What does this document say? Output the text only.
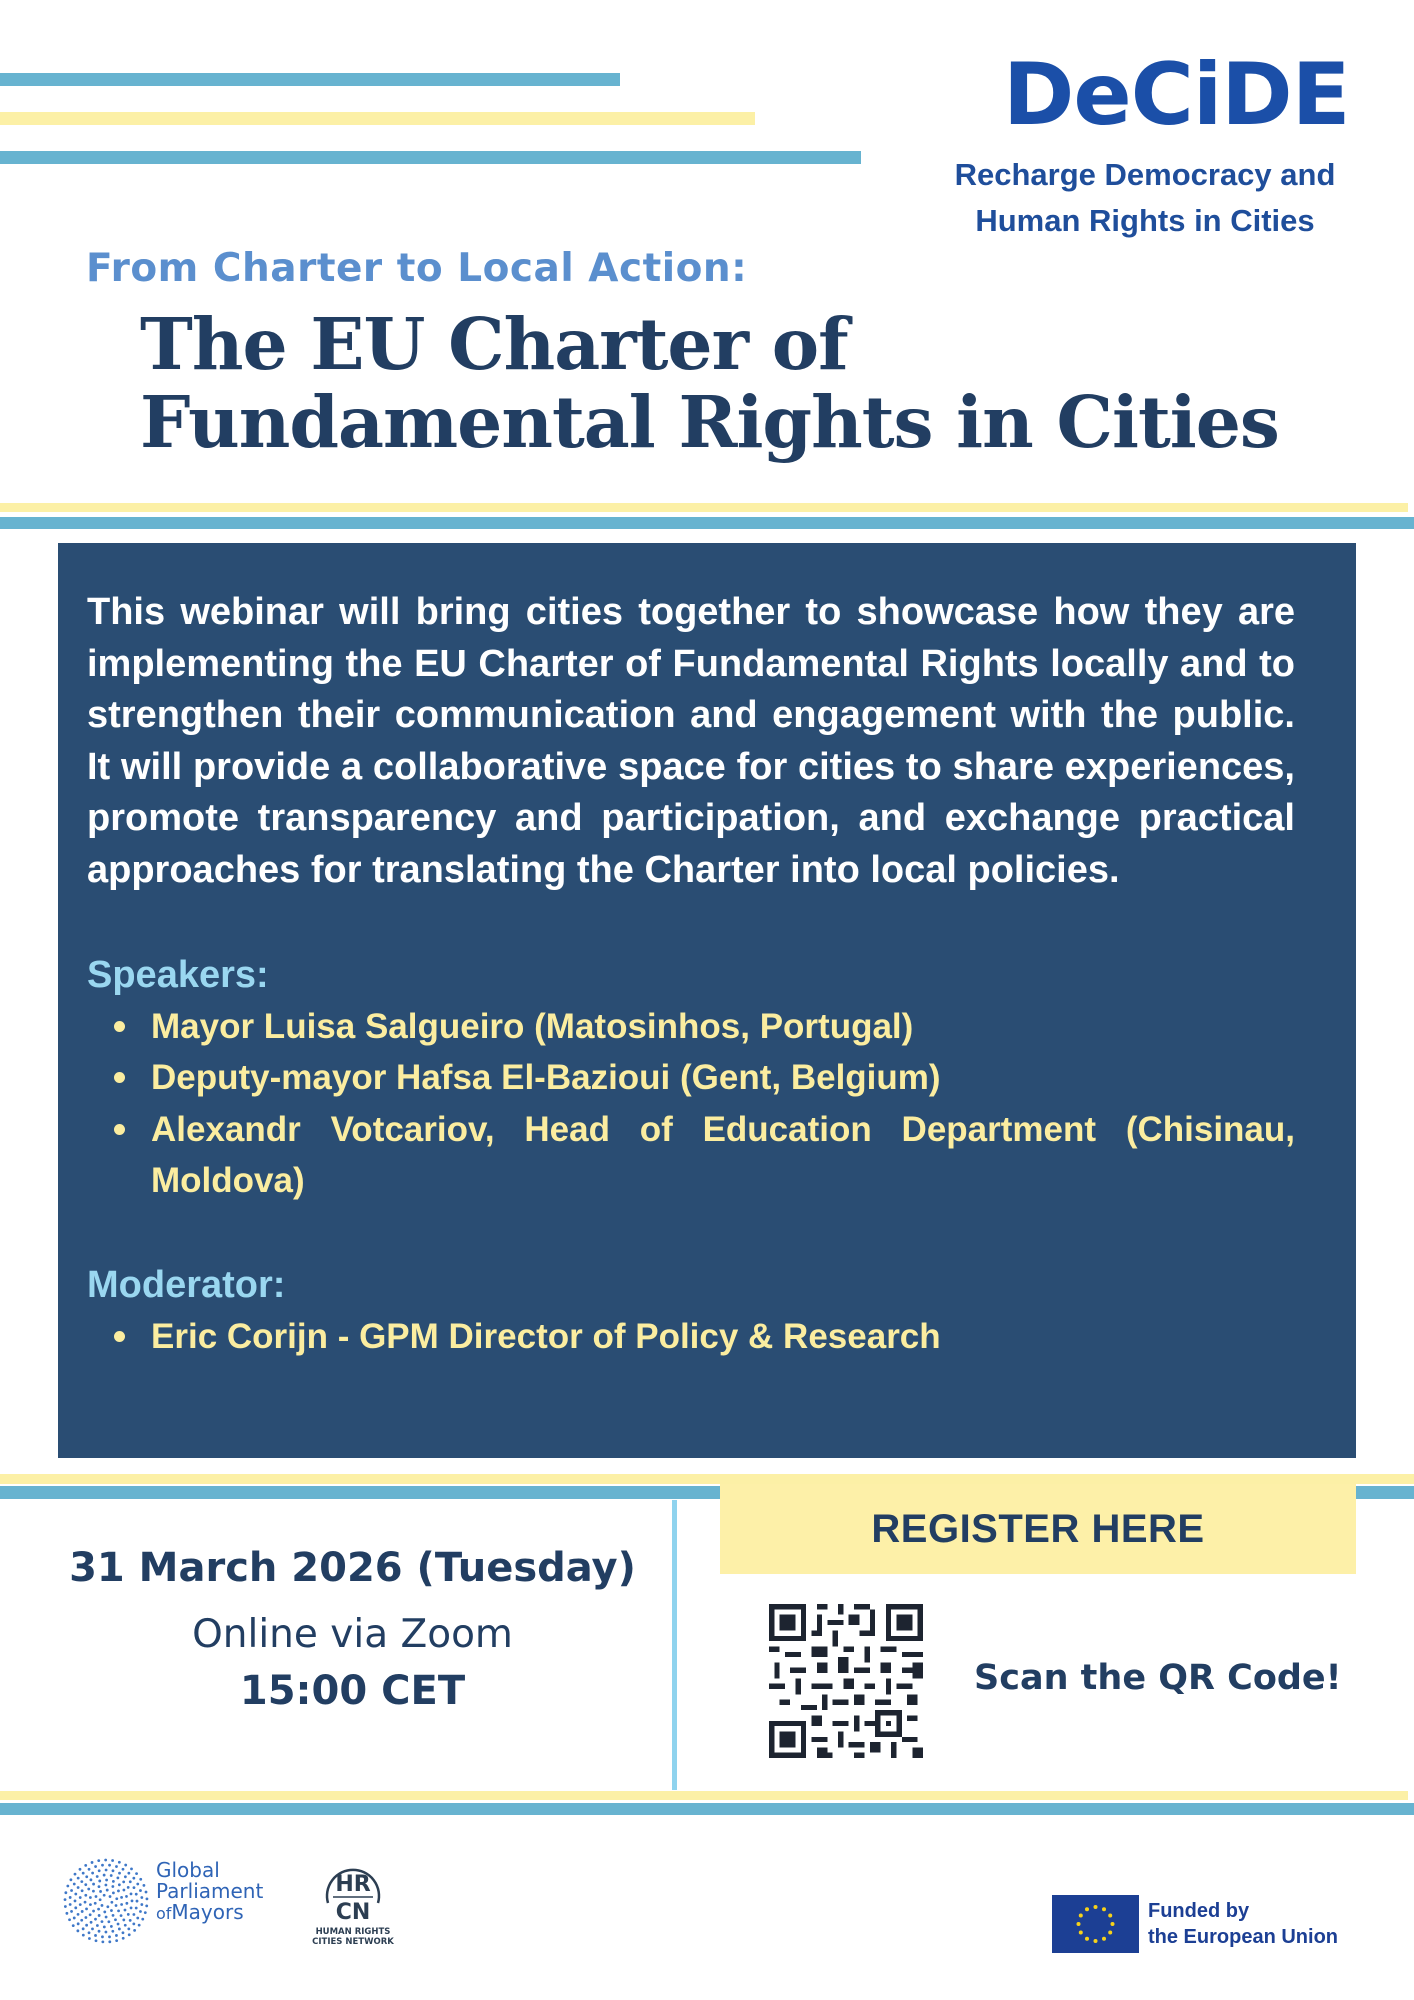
DeCiDE
Recharge Democracy and
Human Rights in Cities
From Charter to Local Action:
The EU Charter of
Fundamental Rights in Cities

This webinar will bring cities together to showcase how they are implementing the EU Charter of Fundamental Rights locally and to strengthen their communication and engagement with the public. It will provide a collaborative space for cities to share experiences, promote transparency and participation, and exchange practical approaches for translating the Charter into local policies.

Speakers:

Mayor Luisa Salgueiro (Matosinhos, Portugal)
Deputy-mayor Hafsa El-Bazioui (Gent, Belgium)
Alexandr Votcariov, Head of Education Department (Chisinau, Moldova)

Moderator:

Eric Corijn - GPM Director of Policy & Research
31 March 2026 (Tuesday)
Online via Zoom
15:00 CET
REGISTER HERE
Scan the QR Code!
Global
Parliament
ofMayors
HR
CN
HUMAN RIGHTS
CITIES NETWORK
Funded by
the European Union
